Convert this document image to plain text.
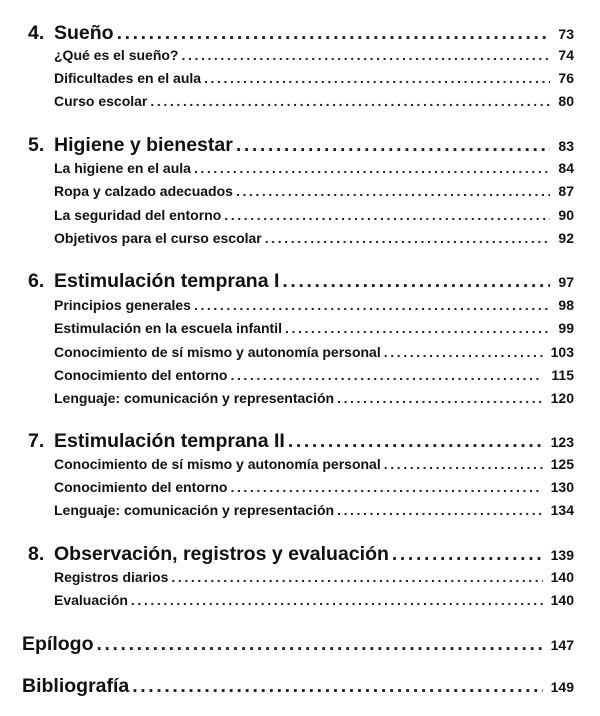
4. Sueño .....	73
¿Qué es el sueño? .....	74
Dificultades en el aula .....	76
Curso escolar .....	80
5. Higiene y bienestar .....	83
La higiene en el aula .....	84
Ropa y calzado adecuados .....	87
La seguridad del entorno .....	90
Objetivos para el curso escolar .....	92
6. Estimulación temprana I .....	97
Principios generales .....	98
Estimulación en la escuela infantil .....	99
Conocimiento de sí mismo y autonomía personal .....	103
Conocimiento del entorno .....	115
Lenguaje: comunicación y representación .....	120
7. Estimulación temprana II .....	123
Conocimiento de sí mismo y autonomía personal .....	125
Conocimiento del entorno .....	130
Lenguaje: comunicación y representación .....	134
8. Observación, registros y evaluación .....	139
Registros diarios .....	140
Evaluación .....	140
Epílogo .....	147
Bibliografía .....	149
